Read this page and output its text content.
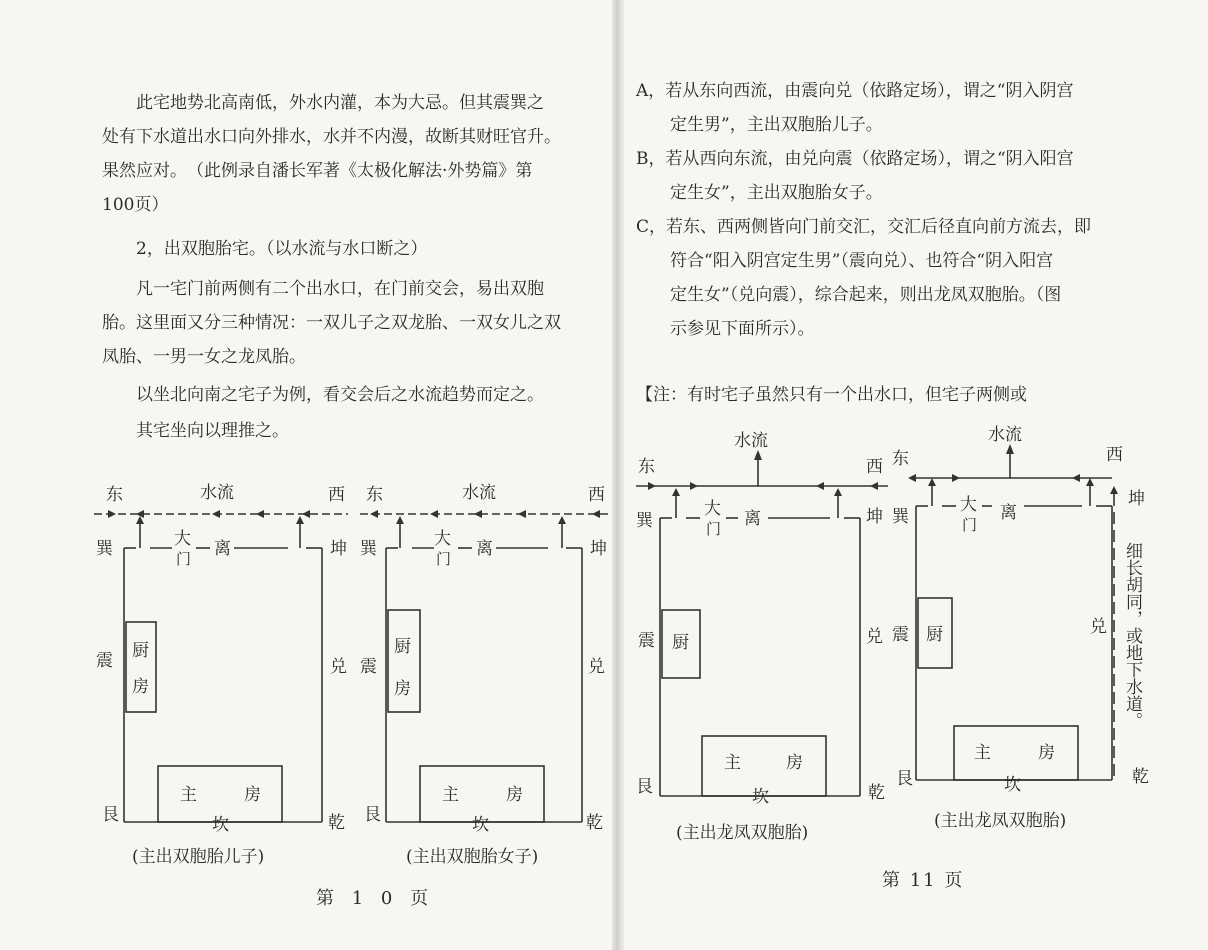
　　此宅地势北高南低，外水内灌，本为大忌。但其震巽之
处有下水道出水口向外排水，水并不内漫，故断其财旺官升。
果然应对。　（此例录自潘长军著《太极化解法·外势篇》第
100页）
　　2，出双胞胎宅。（以水流与水口断之）
　　凡一宅门前两侧有二个出水口，在门前交会，易出双胞
胎。这里面又分三种情况：一双儿子之双龙胎、一双女儿之双
凤胎、一男一女之龙凤胎。
　　以坐北向南之宅子为例，看交会后之水流趋势而定之。
　　其宅坐向以理推之。
A，若从东向西流，由震向兑（依路定场），谓之“阴入阴宫
　　定生男”，主出双胞胎儿子。
B，若从西向东流，由兑向震（依路定场），谓之“阴入阳宫
　　定生女”，主出双胞胎女子。
C，若东、西两侧皆向门前交汇，交汇后径直向前方流去，即
　　符合“阳入阴宫定生男”（震向兑）、也符合“阴入阳宫
　　定生女”（兑向震），综合起来，则出龙凤双胞胎。（图
　　示参见下面所示）。
【注：有时宅子虽然只有一个出水口，但宅子两侧或
东	水流	西
巽	大
门 离	坤
震	兑
厨
房
主	房
艮	坎	乾
(主出双胞胎儿子)
东	水流	西
巽	大
门 离	坤
震	兑
厨
房
主	房
艮	坎	乾
(主出双胞胎女子)
水流
东	西
巽
大
门 离	坤
震	兑
厨
主	房
艮	坎	乾
(主出龙凤双胞胎)
水流
东	西
巽
大
门
离
坤
震	兑
厨
主	房
艮	坎	乾
细长胡同，或地下水道。
(主出龙凤双胞胎)
第 1 0 页
第 11 页
